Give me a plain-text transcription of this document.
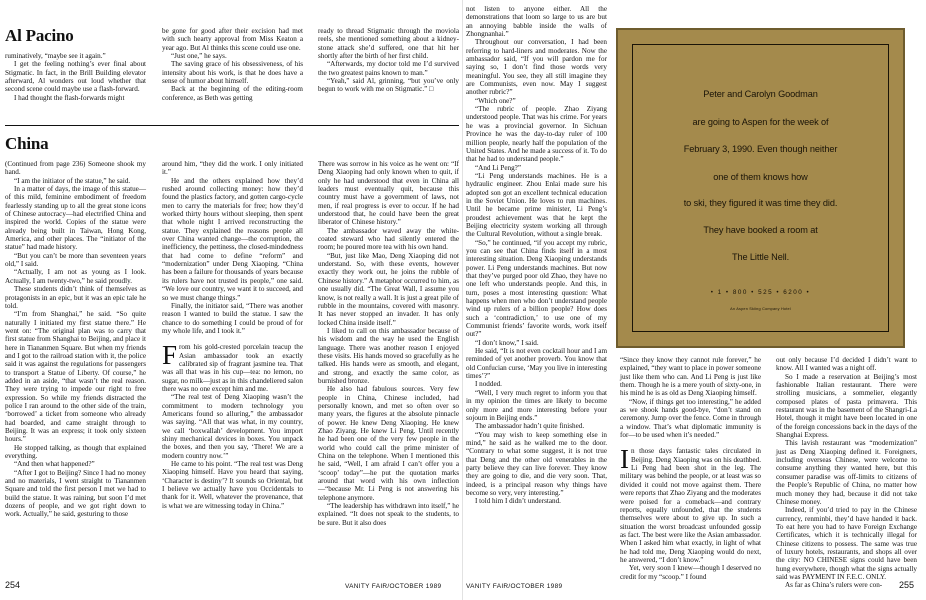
Al Pacino

ruminatively, “maybe see it again.”

I get the feeling nothing’s ever final about Stigmatic. In fact, in the Brill Building elevator afterward, Al wonders out loud whether that second scene could maybe use a flash-forward.

I had thought the flash-forwards might

be gone for good after their excision had met with such hearty approval from Miss Keaton a year ago. But Al thinks this scene could use one.

“Just one,” he says.

The saving grace of his obsessiveness, of his intensity about his work, is that he does have a sense of humor about himself.

Back at the beginning of the editing-room conference, as Beth was getting

ready to thread Stigmatic through the moviola reels, she mentioned something about a kidney-stone attack she’d suffered, one that hit her shortly after the birth of her first child.

“Afterwards, my doctor told me I’d survived the two greatest pains known to man.”

“Yeah,” said Al, grinning, “but you’ve only begun to work with me on Stigmatic.” □

China

(Continued from page 236) Someone shook my hand.

“I am the initiator of the statue,” he said.

In a matter of days, the image of this statue—of this mild, feminine embodiment of freedom fearlessly standing up to all the great stone icons of Chinese autocracy—had electrified China and inspired the world. Copies of the statue were already being built in Taiwan, Hong Kong, America, and other places. The “initiator of the statue” had made history.

“But you can’t be more than seventeen years old,” I said.

“Actually, I am not as young as I look. Actually, I am twenty-two,” he said proudly.

These students didn’t think of themselves as protagonists in an epic, but it was an epic tale he told.

“I’m from Shanghai,” he said. “So quite naturally I initiated my first statue there.” He went on: “The original plan was to carry that first statue from Shanghai to Beijing, and place it here in Tiananmen Square. But when my friends and I got to the railroad station with it, the police said it was against the regulations for passengers to transport a Statue of Liberty. Of course,” he added in an aside, “that wasn’t the real reason. They were trying to impede our right to free expression. So while my friends distracted the police I ran around to the other side of the train, ‘borrowed’ a ticket from someone who already had boarded, and came straight through to Beijing. It was an express; it took only sixteen hours.”

He stopped talking, as though that explained everything.

“And then what happened?”

“After I got to Beijing? Since I had no money and no materials, I went straight to Tiananmen Square and told the first person I met we had to build the statue. It was raining, but soon I’d met dozens of people, and we got right down to work. Actually,” he said, gesturing to those

around him, “they did the work. I only initiated it.”

He and the others explained how they’d rushed around collecting money: how they’d found the plastics factory, and gotten cargo-cycle men to carry the materials for free; how they’d worked thirty hours without sleeping, then spent that whole night I arrived reconstructing the statue. They explained the reasons people all over China wanted change—the corruption, the inefficiency, the pettiness, the closed-mindedness that had come to define “reform” and “modernization” under Deng Xiaoping. “China has been a failure for thousands of years because its rulers have not trusted its people,” one said. “We love our country, we want it to succeed, and so we must change things.”

Finally, the initiator said, “There was another reason I wanted to build the statue. I saw the chance to do something I could be proud of for my whole life, and I took it.”

From his gold-crested porcelain teacup the Asian ambassador took an exactly calibrated sip of fragrant jasmine tea. That was all that was in his cup—tea: no lemon, no sugar, no milk—just as in this chandeliered salon there was no one except him and me.

“The real test of Deng Xiaoping wasn’t the commitment to modern technology you Americans found so alluring,” the ambassador was saying. “All that was what, in my country, we call ‘boxwallah’ development. You import shiny mechanical devices in boxes. You unpack the boxes, and then you say, ‘There! We are a modern country now.’”

He came to his point. “The real test was Deng Xiaoping himself. Have you heard that saying, ‘Character is destiny’? It sounds so Oriental, but I believe we actually have you Occidentals to thank for it. Well, whatever the provenance, that is what we are witnessing today in China.”

There was sorrow in his voice as he went on: “If Deng Xiaoping had only known when to quit, if only he had understood that even in China all leaders must eventually quit, because this country must have a government of laws, not men, if real progress is ever to occur. If he had understood that, he could have been the great liberator of Chinese history.”

The ambassador waved away the white-coated steward who had silently entered the room; he poured more tea with his own hand.

“But, just like Mao, Deng Xiaoping did not understand. So, with these events, however exactly they work out, he joins the rubble of Chinese history.” A metaphor occurred to him, as one usually did. “The Great Wall, I assume you know, is not really a wall. It is just a great pile of rubble in the mountains, covered with masonry. It has never stopped an invader. It has only locked China inside itself.”

I liked to call on this ambassador because of his wisdom and the way he used the English language. There was another reason I enjoyed these visits. His hands moved so gracefully as he talked. His hands were as smooth, and elegant, and strong, and exactly the same color, as burnished bronze.

He also had fabulous sources. Very few people in China, Chinese included, had personally known, and met so often over so many years, the figures at the absolute pinnacle of power. He knew Deng Xiaoping. He knew Zhao Ziyang. He knew Li Peng. Until recently he had been one of the very few people in the world who could call the prime minister of China on the telephone. When I mentioned this he said, “Well, I am afraid I can’t offer you a ‘scoop’ today”—he put the quotation marks around that word with his own inflection—“because Mr. Li Peng is not answering his telephone anymore.

“The leadership has withdrawn into itself,” he explained. “It does not speak to the students, to be sure. But it also does

254	VANITY FAIR/OCTOBER 1989

not listen to anyone either. All the demonstrations that loom so large to us are but an annoying babble inside the walls of Zhongnanhai.”

Throughout our conversation, I had been referring to hard-liners and moderates. Now the ambassador said, “If you will pardon me for saying so, I don’t find those words very meaningful. You see, they all still imagine they are Communists, even now. May I suggest another rubric?”

“Which one?”

“The rubric of people. Zhao Ziyang understood people. That was his crime. For years he was a provincial governor. In Sichuan Province he was the day-to-day ruler of 100 million people, nearly half the population of the United States. And he made a success of it. To do that he had to understand people.”

“And Li Peng?”

“Li Peng understands machines. He is a hydraulic engineer. Zhou Enlai made sure his adopted son got an excellent technical education in the Soviet Union. He loves to run machines. Until he became prime minister, Li Peng’s proudest achievement was that he kept the Beijing electricity system working all through the Cultural Revolution, without a single break.

“So,” he continued, “if you accept my rubric, you can see that China finds itself in a most interesting situation. Deng Xiaoping understands power. Li Peng understands machines. But now that they’ve purged poor old Zhao, they have no one left who understands people. And this, in turn, poses a most interesting question: What happens when men who don’t understand people wind up rulers of a billion people? How does such a ‘contradiction,’ to use one of my Communist friends’ favorite words, work itself out?”

“I don’t know,” I said.

He said, “It is not even cocktail hour and I am reminded of yet another proverb. You know that old Confucian curse, ‘May you live in interesting times’?”

I nodded.

“Well, I very much regret to inform you that in my opinion the times are likely to become only more and more interesting before your sojourn in Beijing ends.”

The ambassador hadn’t quite finished.

“You may wish to keep something else in mind,” he said as he walked me to the door. “Contrary to what some suggest, it is not true that Deng and the other old venerables in the party believe they can live forever. They know they are going to die, and die very soon. That, indeed, is a principal reason why things have become so very, very interesting.”

I told him I didn’t understand.

Peter and Carolyn Goodman
are going to Aspen for the week of
February 3, 1990. Even though neither
one of them knows how
to ski, they figured it was time they did.
They have booked a room at
The Little Nell.
• 1 • 800 • 525 • 6200 •
An Aspen Skiing Company Hotel

“Since they know they cannot rule forever,” he explained, “they want to place in power someone just like them who can. And Li Peng is just like them. Though he is a mere youth of sixty-one, in his mind he is as old as Deng Xiaoping himself.

“Now, if things get too interesting,” he added as we shook hands good-bye, “don’t stand on ceremony. Jump over the fence. Come in through a window. That’s what diplomatic immunity is for—to be used when it’s needed.”

In those days fantastic tales circulated in Beijing. Deng Xiaoping was on his deathbed. Li Peng had been shot in the leg. The military was behind the people, or at least was so divided it could not move against them. There were reports that Zhao Ziyang and the moderates were poised for a comeback—and contrary reports, equally unfounded, that the students themselves were about to give up. In such a situation the worst broadcast unfounded gossip as fact. The best were like the Asian ambassador. When I asked him what exactly, in light of what he had told me, Deng Xiaoping would do next, he answered, “I don’t know.”

Yet, very soon I knew—though I deserved no credit for my “scoop.” I found

out only because I’d decided I didn’t want to know. All I wanted was a night off.

So I made a reservation at Beijing’s most fashionable Italian restaurant. There were strolling musicians, a sommelier, elegantly composed plates of pasta primavera. This restaurant was in the basement of the Shangri-La Hotel, though it might have been located in one of the foreign concessions back in the days of the Shanghai Express.

This lavish restaurant was “modernization” just as Deng Xiaoping defined it. Foreigners, including overseas Chinese, were welcome to consume anything they wanted here, but this consumer paradise was off-limits to citizens of the People’s Republic of China, no matter how much money they had, because it did not take Chinese money.

Indeed, if you’d tried to pay in the Chinese currency, renminbi, they’d have handed it back. To eat here you had to have Foreign Exchange Certificates, which it is technically illegal for Chinese citizens to possess. The same was true of luxury hotels, restaurants, and shops all over the city: NO CHINESE signs could have been hung everywhere, though what the signs actually said was PAYMENT IN F.E.C. ONLY.

As far as China’s rulers were con-

VANITY FAIR/OCTOBER 1989	255
